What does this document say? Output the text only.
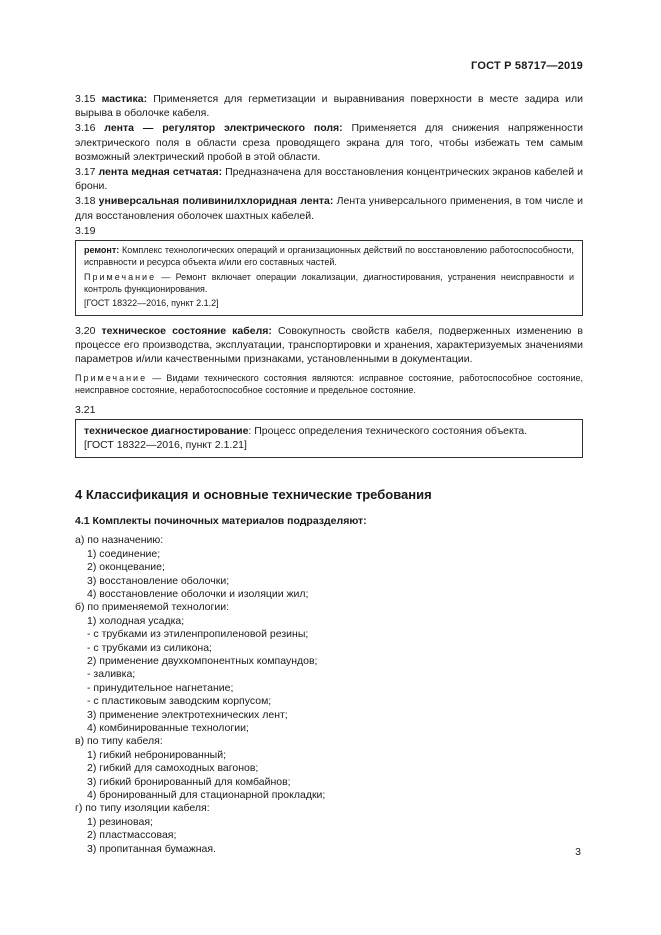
ГОСТ Р 58717—2019

3.15 мастика: Применяется для герметизации и выравнивания поверхности в месте задира или вырыва в оболочке кабеля.

3.16 лента — регулятор электрического поля: Применяется для снижения напряженности электрического поля в области среза проводящего экрана для того, чтобы избежать тем самым возможный электрический пробой в этой области.

3.17 лента медная сетчатая: Предназначена для восстановления концентрических экранов кабелей и брони.

3.18 универсальная поливинилхлоридная лента: Лента универсального применения, в том числе и для восстановления оболочек шахтных кабелей.

3.19

ремонт: Комплекс технологических операций и организационных действий по восстановлению работоспособности, исправности и ресурса объекта и/или его составных частей.

Примечание — Ремонт включает операции локализации, диагностирования, устранения неисправности и контроль функционирования.

[ГОСТ 18322—2016, пункт 2.1.2]

3.20 техническое состояние кабеля: Совокупность свойств кабеля, подверженных изменению в процессе его производства, эксплуатации, транспортировки и хранения, характеризуемых значениями параметров и/или качественными признаками, установленными в документации.

Примечание — Видами технического состояния являются: исправное состояние, работоспособное состояние, неисправное состояние, неработоспособное состояние и предельное состояние.

3.21

техническое диагностирование: Процесс определения технического состояния объекта.

[ГОСТ 18322—2016, пункт 2.1.21]

4 Классификация и основные технические требования
4.1 Комплекты починочных материалов подразделяют:
а) по назначению:
1) соединение;
2) оконцевание;
3) восстановление оболочки;
4) восстановление оболочки и изоляции жил;
б) по применяемой технологии:
1) холодная усадка;
- с трубками из этиленпропиленовой резины;
- с трубками из силикона;
2) применение двухкомпонентных компаундов;
- заливка;
- принудительное нагнетание;
- с пластиковым заводским корпусом;
3) применение электротехнических лент;
4) комбинированные технологии;
в) по типу кабеля:
1) гибкий небронированный;
2) гибкий для самоходных вагонов;
3) гибкий бронированный для комбайнов;
4) бронированный для стационарной прокладки;
г) по типу изоляции кабеля:
1) резиновая;
2) пластмассовая;
3) пропитанная бумажная.	3
